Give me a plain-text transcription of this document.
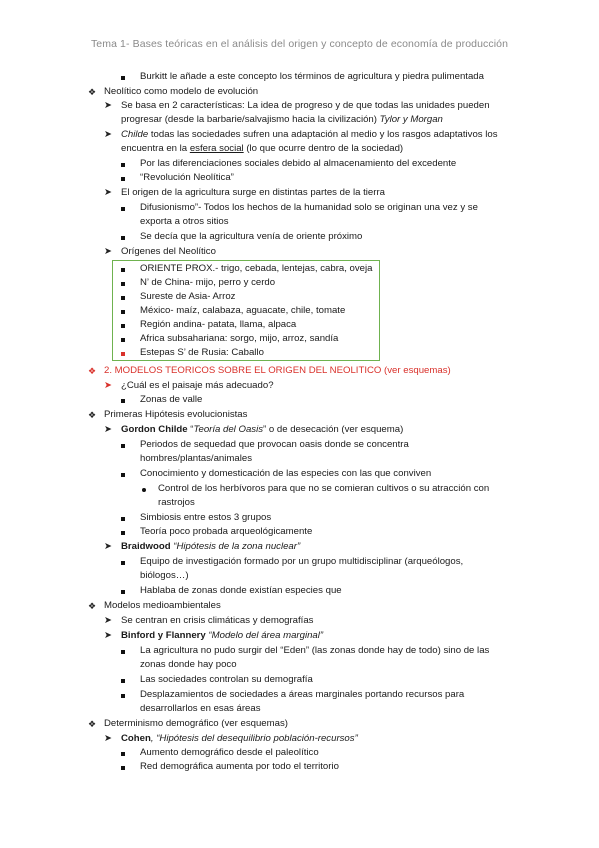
Tema 1- Bases teóricas en el análisis del origen y concepto de economía de producción
Burkitt le añade a este concepto los términos de agricultura y piedra pulimentada
❖ Neolítico como modelo de evolución
➤ Se basa en 2 características: La idea de progreso y de que todas las unidades pueden
progresar (desde la barbarie/salvajismo hacia la civilización) Tylor y Morgan
➤ Childe todas las sociedades sufren una adaptación al medio y los rasgos adaptativos los
encuentra en la esfera social (lo que ocurre dentro de la sociedad)
Por las diferenciaciones sociales debido al almacenamiento del excedente
“Revolución Neolítica”
➤ El origen de la agricultura surge en distintas partes de la tierra
Difusionismo”- Todos los hechos de la humanidad solo se originan una vez y se
exporta a otros sitios
Se decía que la agricultura venía de oriente próximo
➤ Orígenes del Neolítico
ORIENTE PROX.- trigo, cebada, lentejas, cabra, oveja
N’ de China- mijo, perro y cerdo
Sureste de Asia- Arroz
México- maíz, calabaza, aguacate, chile, tomate
Región andina- patata, llama, alpaca
Africa subsahariana: sorgo, mijo, arroz, sandía
Estepas S’ de Rusia: Caballo
❖ 2. MODELOS TEORICOS SOBRE EL ORIGEN DEL NEOLITICO (ver esquemas)
➤ ¿Cuál es el paisaje más adecuado?
Zonas de valle
❖ Primeras Hipótesis evolucionistas
➤ Gordon Childe “Teoría del Oasis” o de desecación (ver esquema)
Periodos de sequedad que provocan oasis donde se concentra
hombres/plantas/animales
Conocimiento y domesticación de las especies con las que conviven
Control de los herbívoros para que no se comieran cultivos o su atracción con
rastrojos
Simbiosis entre estos 3 grupos
Teoría poco probada arqueológicamente
➤ Braidwood “Hipótesis de la zona nuclear”
Equipo de investigación formado por un grupo multidisciplinar (arqueólogos,
biólogos…)
Hablaba de zonas donde existían especies que
❖ Modelos medioambientales
➤ Se centran en crisis climáticas y demografías
➤ Binford y Flannery “Modelo del área marginal”
La agricultura no pudo surgir del “Eden” (las zonas donde hay de todo) sino de las
zonas donde hay poco
Las sociedades controlan su demografía
Desplazamientos de sociedades a áreas marginales portando recursos para
desarrollarlos en esas áreas
❖ Determinismo demográfico (ver esquemas)
➤ Cohen, “Hipótesis del desequilibrio población-recursos”
Aumento demográfico desde el paleolítico
Red demográfica aumenta por todo el territorio
